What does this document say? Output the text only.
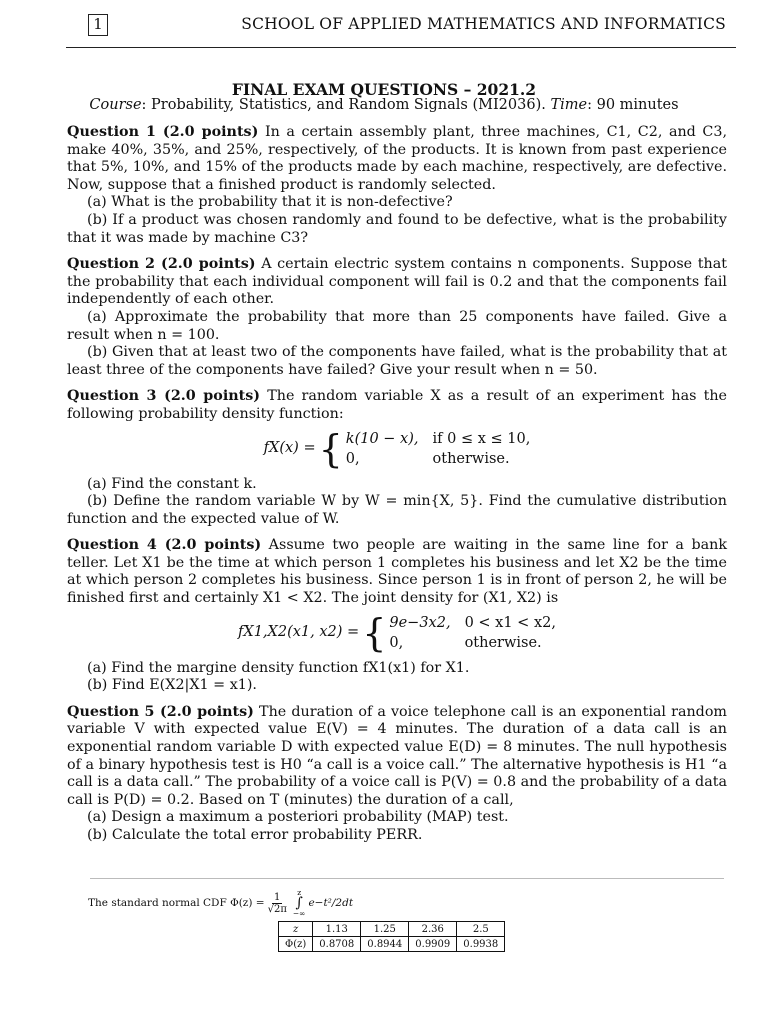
1	SCHOOL OF APPLIED MATHEMATICS AND INFORMATICS
FINAL EXAM QUESTIONS – 2021.2
Course: Probability, Statistics, and Random Signals (MI2036). Time: 90 minutes

Question 1 (2.0 points) In a certain assembly plant, three machines, C1, C2, and C3, make 40%, 35%, and 25%, respectively, of the products. It is known from past experience that 5%, 10%, and 15% of the products made by each machine, respectively, are defective. Now, suppose that a finished product is randomly selected.

(a) What is the probability that it is non-defective?

(b) If a product was chosen randomly and found to be defective, what is the probability that it was made by machine C3?

Question 2 (2.0 points) A certain electric system contains n components. Suppose that the probability that each individual component will fail is 0.2 and that the components fail independently of each other.

(a) Approximate the probability that more than 25 components have failed. Give a result when n = 100.

(b) Given that at least two of the components have failed, what is the probability that at least three of the components have failed? Give your result when n = 50.

Question 3 (2.0 points) The random variable X as a result of an experiment has the following probability density function:

fX(x) = { k(10 − x), if 0 ≤ x ≤ 10,
0,	otherwise.

(a) Find the constant k.

(b) Define the random variable W by W = min{X, 5}. Find the cumulative distribution function and the expected value of W.

Question 4 (2.0 points) Assume two people are waiting in the same line for a bank teller. Let X1 be the time at which person 1 completes his business and let X2 be the time at which person 2 completes his business. Since person 1 is in front of person 2, he will be finished first and certainly X1 < X2. The joint density for (X1, X2) is

fX1,X2(x1, x2) = { 9e−3x2, 0 < x1 < x2,
0,	otherwise.

(a) Find the margine density function fX1(x1) for X1.

(b) Find E(X2|X1 = x1).

Question 5 (2.0 points) The duration of a voice telephone call is an exponential random variable V with expected value E(V) = 4 minutes. The duration of a data call is an exponential random variable D with expected value E(D) = 8 minutes. The null hypothesis of a binary hypothesis test is H0 “a call is a voice call.” The alternative hypothesis is H1 “a call is a data call.” The probability of a voice call is P(V) = 0.8 and the probability of a data call is P(D) = 0.2. Based on T (minutes) the duration of a call,

(a) Design a maximum a posteriori probability (MAP) test.

(b) Calculate the total error probability PERR.

The standard normal CDF $\Phi(z) = \frac{1}{√2\pi}$ z
∫
−∞
e−t²/2dt
z	1.13	1.25	2.36	2.5
Φ(z)	0.8708	0.8944	0.9909	0.9938
